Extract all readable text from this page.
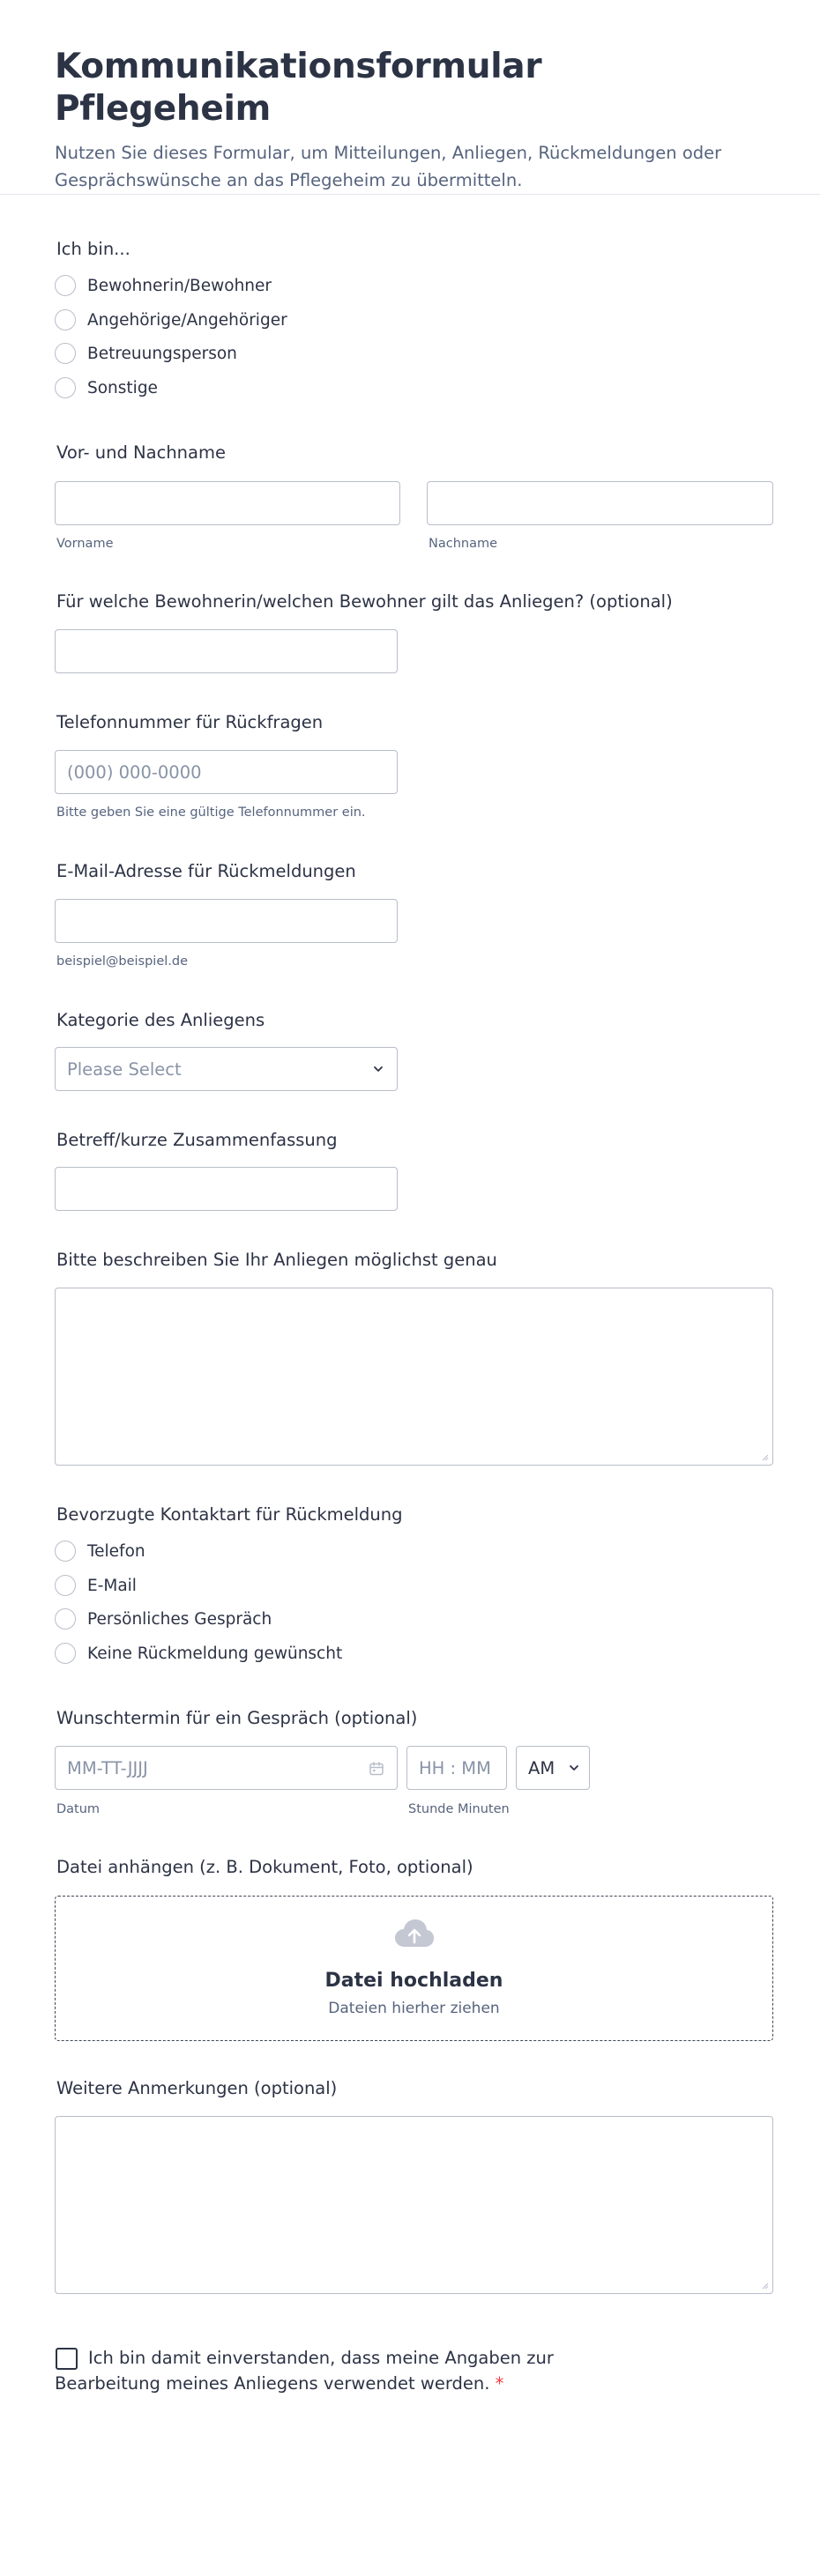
Kommunikationsformular Pflegeheim

Nutzen Sie dieses Formular, um Mitteilungen, Anliegen, Rückmeldungen oder Gesprächswünsche an das Pflegeheim zu übermitteln.

Ich bin...
Bewohnerin/Bewohner
Angehörige/Angehöriger
Betreuungsperson
Sonstige
Vor- und Nachname
Vorname	Nachname
Für welche Bewohnerin/welchen Bewohner gilt das Anliegen? (optional)
Telefonnummer für Rückfragen
(000) 000-0000
Bitte geben Sie eine gültige Telefonnummer ein.
E-Mail-Adresse für Rückmeldungen
beispiel@beispiel.de
Kategorie des Anliegens
Please Select
Betreff/kurze Zusammenfassung
Bitte beschreiben Sie Ihr Anliegen möglichst genau
Bevorzugte Kontaktart für Rückmeldung
Telefon
E-Mail
Persönliches Gespräch
Keine Rückmeldung gewünscht
Wunschtermin für ein Gespräch (optional)
MM-TT-JJJJ	HH : MM AM
Datum	Stunde Minuten
Datei anhängen (z. B. Dokument, Foto, optional)
Datei hochladen
Dateien hierher ziehen
Weitere Anmerkungen (optional)
Ich bin damit einverstanden, dass meine Angaben zur Bearbeitung meines Anliegens verwendet werden. *
